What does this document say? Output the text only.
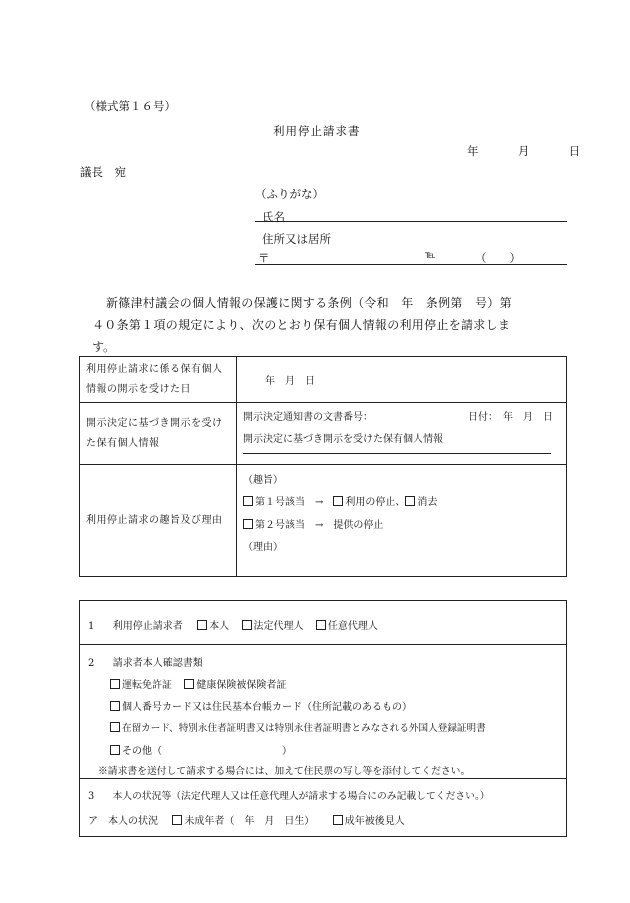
（様式第１６号）
利用停止請求書
年	月	日
議長　宛
（ふりがな）
氏名
住所又は居所
〒	℡	（　　）
新篠津村議会の個人情報の保護に関する条例（令和　年　条例第　号）第
４０条第１項の規定により、次のとおり保有個人情報の利用停止を請求しま
す。
利用停止請求に係る保有個人情報の開示を受けた日	年　月　日

開示決定に基づき開示を受けた保有個人情報	開示決定通知書の文書番号： 日付：　年　月　日
開示決定に基づき開示を受けた保有個人情報

利用停止請求の趣旨及び理由	（趣旨）
第１号該当　→　利用の停止、 消去
第２号該当　→　提供の停止
（理由）
1 利用停止請求者	本人 法定代理人 任意代理人

2 請求者本人確認書類
運転免許証 健康保険被保険者証
個人番号カード又は住民基本台帳カード（住所記載のあるもの）
在留カード、特別永住者証明書又は特別永住者証明書とみなされる外国人登録証明書
その他（　　　　　　　　　　　　）
※請求書を送付して請求する場合には、加えて住民票の写し等を添付してください。

3 本人の状況等（法定代理人又は任意代理人が請求する場合にのみ記載してください。）
ア　本人の状況	未成年者（　年　月　日生）	成年被後見人
